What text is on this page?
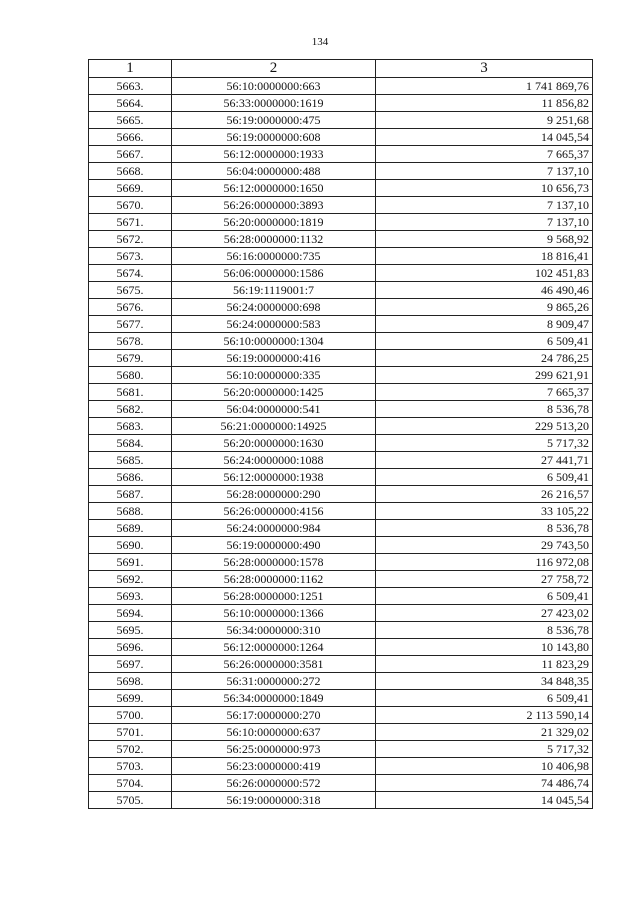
134
1	2	3
5663.	56:10:0000000:663	1 741 869,76
5664.	56:33:0000000:1619	11 856,82
5665.	56:19:0000000:475	9 251,68
5666.	56:19:0000000:608	14 045,54
5667.	56:12:0000000:1933	7 665,37
5668.	56:04:0000000:488	7 137,10
5669.	56:12:0000000:1650	10 656,73
5670.	56:26:0000000:3893	7 137,10
5671.	56:20:0000000:1819	7 137,10
5672.	56:28:0000000:1132	9 568,92
5673.	56:16:0000000:735	18 816,41
5674.	56:06:0000000:1586	102 451,83
5675.	56:19:1119001:7	46 490,46
5676.	56:24:0000000:698	9 865,26
5677.	56:24:0000000:583	8 909,47
5678.	56:10:0000000:1304	6 509,41
5679.	56:19:0000000:416	24 786,25
5680.	56:10:0000000:335	299 621,91
5681.	56:20:0000000:1425	7 665,37
5682.	56:04:0000000:541	8 536,78
5683.	56:21:0000000:14925	229 513,20
5684.	56:20:0000000:1630	5 717,32
5685.	56:24:0000000:1088	27 441,71
5686.	56:12:0000000:1938	6 509,41
5687.	56:28:0000000:290	26 216,57
5688.	56:26:0000000:4156	33 105,22
5689.	56:24:0000000:984	8 536,78
5690.	56:19:0000000:490	29 743,50
5691.	56:28:0000000:1578	116 972,08
5692.	56:28:0000000:1162	27 758,72
5693.	56:28:0000000:1251	6 509,41
5694.	56:10:0000000:1366	27 423,02
5695.	56:34:0000000:310	8 536,78
5696.	56:12:0000000:1264	10 143,80
5697.	56:26:0000000:3581	11 823,29
5698.	56:31:0000000:272	34 848,35
5699.	56:34:0000000:1849	6 509,41
5700.	56:17:0000000:270	2 113 590,14
5701.	56:10:0000000:637	21 329,02
5702.	56:25:0000000:973	5 717,32
5703.	56:23:0000000:419	10 406,98
5704.	56:26:0000000:572	74 486,74
5705.	56:19:0000000:318	14 045,54
